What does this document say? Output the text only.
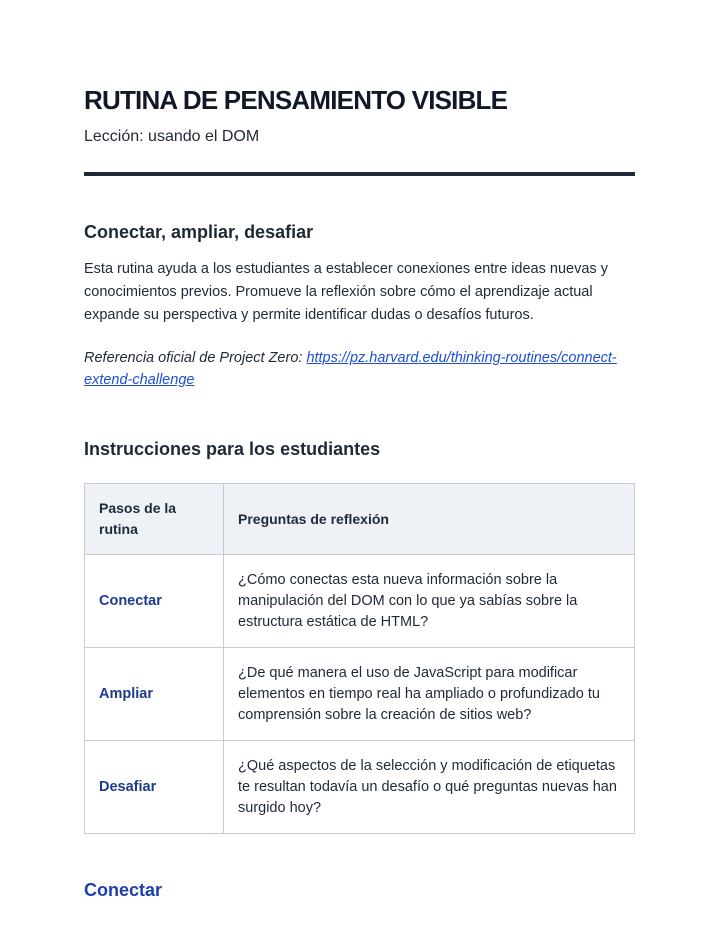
RUTINA DE PENSAMIENTO VISIBLE
Lección: usando el DOM
Conectar, ampliar, desafiar
Esta rutina ayuda a los estudiantes a establecer conexiones entre ideas nuevas y conocimientos previos. Promueve la reflexión sobre cómo el aprendizaje actual expande su perspectiva y permite identificar dudas o desafíos futuros.
Referencia oficial de Project Zero: https://pz.harvard.edu/thinking-routines/connect-extend-challenge
Instrucciones para los estudiantes
Pasos de la rutina	Preguntas de reflexión
Conectar	¿Cómo conectas esta nueva información sobre la manipulación del DOM con lo que ya sabías sobre la estructura estática de HTML?
Ampliar	¿De qué manera el uso de JavaScript para modificar elementos en tiempo real ha ampliado o profundizado tu comprensión sobre la creación de sitios web?
Desafiar	¿Qué aspectos de la selección y modificación de etiquetas te resultan todavía un desafío o qué preguntas nuevas han surgido hoy?
Conectar
